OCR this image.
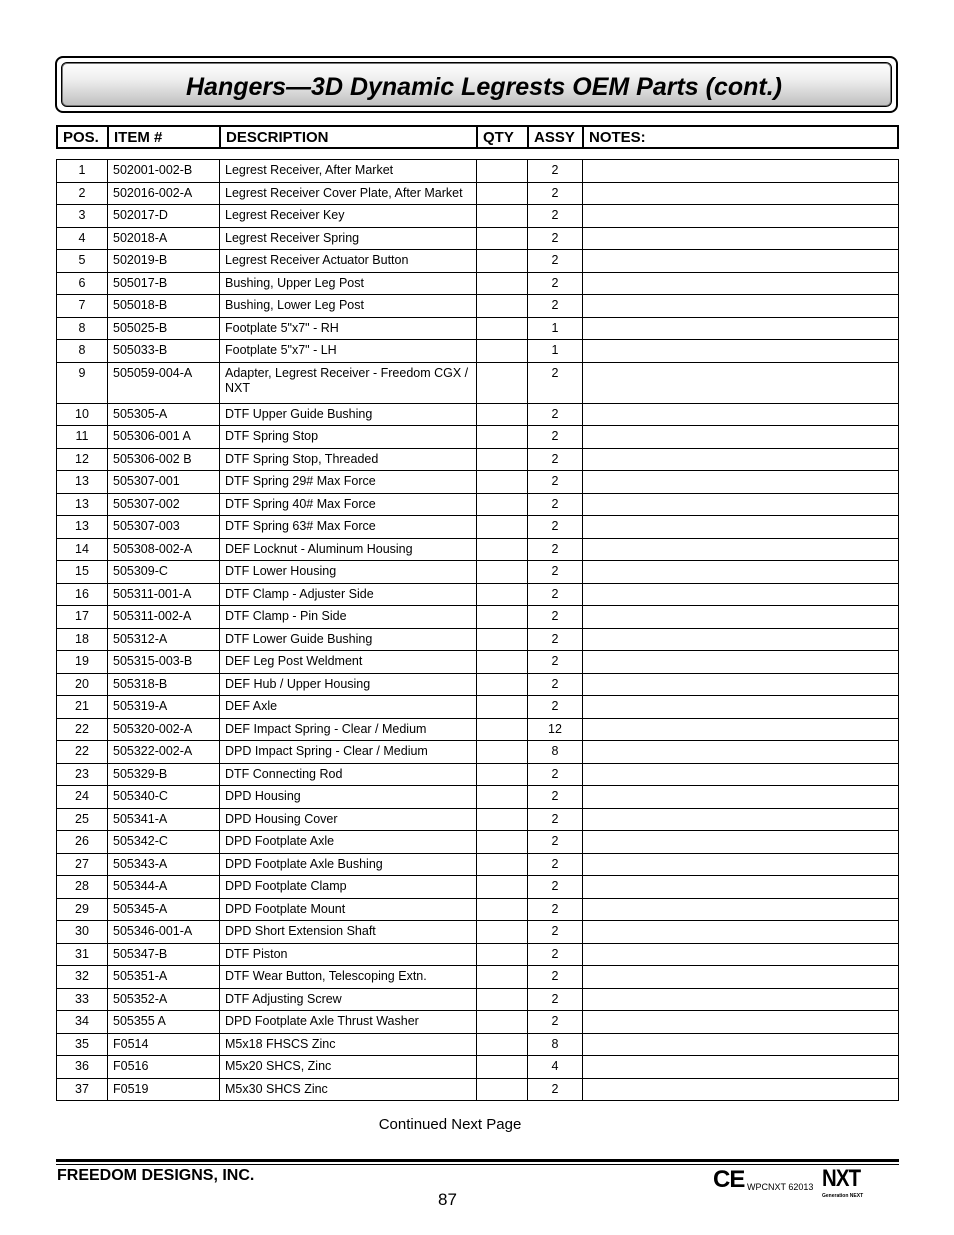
Hangers—3D Dynamic Legrests OEM Parts (cont.)
POS.	ITEM #	DESCRIPTION	QTY	ASSY	NOTES:
1	502001-002-B	Legrest Receiver, After Market		2	
2	502016-002-A	Legrest Receiver Cover Plate, After Market		2	
3	502017-D	Legrest Receiver Key		2	
4	502018-A	Legrest Receiver Spring		2	
5	502019-B	Legrest Receiver Actuator Button		2	
6	505017-B	Bushing, Upper Leg Post		2	
7	505018-B	Bushing, Lower Leg Post		2	
8	505025-B	Footplate 5"x7" - RH		1	
8	505033-B	Footplate 5"x7" - LH		1	
9	505059-004-A	Adapter, Legrest Receiver - Freedom CGX / NXT		2	
10	505305-A	DTF Upper Guide Bushing		2	
11	505306-001 A	DTF Spring Stop		2	
12	505306-002 B	DTF Spring Stop, Threaded		2	
13	505307-001	DTF Spring 29# Max Force		2	
13	505307-002	DTF Spring 40# Max Force		2	
13	505307-003	DTF Spring 63# Max Force		2	
14	505308-002-A	DEF Locknut - Aluminum Housing		2	
15	505309-C	DTF Lower Housing		2	
16	505311-001-A	DTF Clamp - Adjuster Side		2	
17	505311-002-A	DTF Clamp - Pin Side		2	
18	505312-A	DTF Lower Guide Bushing		2	
19	505315-003-B	DEF Leg Post Weldment		2	
20	505318-B	DEF Hub / Upper Housing		2	
21	505319-A	DEF Axle		2	
22	505320-002-A	DEF Impact Spring - Clear / Medium		12	
22	505322-002-A	DPD Impact Spring - Clear / Medium		8	
23	505329-B	DTF Connecting Rod		2	
24	505340-C	DPD Housing		2	
25	505341-A	DPD Housing Cover		2	
26	505342-C	DPD Footplate Axle		2	
27	505343-A	DPD Footplate Axle Bushing		2	
28	505344-A	DPD Footplate Clamp		2	
29	505345-A	DPD Footplate Mount		2	
30	505346-001-A	DPD Short Extension Shaft		2	
31	505347-B	DTF Piston		2	
32	505351-A	DTF Wear Button, Telescoping Extn.		2	
33	505352-A	DTF Adjusting Screw		2	
34	505355 A	DPD Footplate Axle Thrust Washer		2	
35	F0514	M5x18 FHSCS Zinc		8	
36	F0516	M5x20 SHCS, Zinc		4	
37	F0519	M5x30 SHCS Zinc		2	
Continued Next Page
FREEDOM DESIGNS, INC.
87
CE WPCNXT 62013 NXT
Generation NEXT
